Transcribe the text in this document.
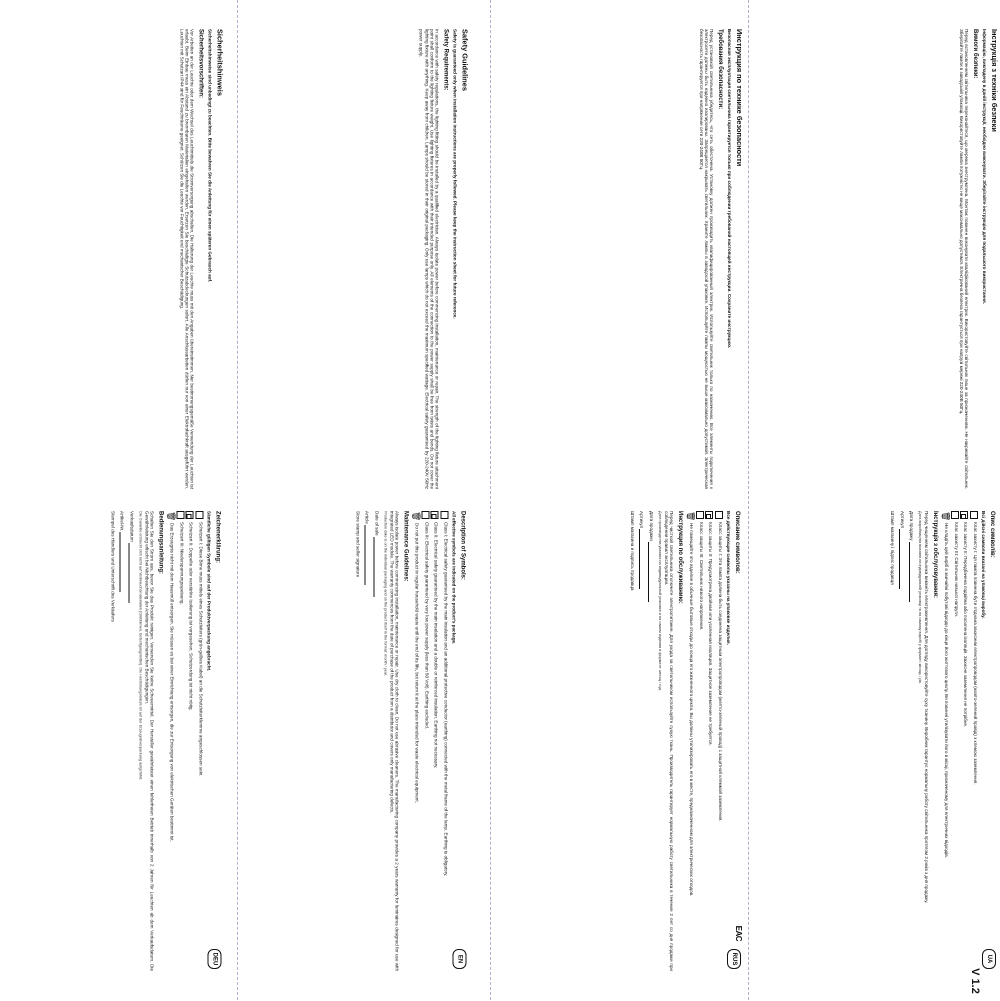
DEU
Sicherheitshinweis

Sicherheitshinweise sind unbedingt zu beachten. Bitte bewahren Sie die Anleitung für einen späteren Gebrauch auf.

Sicherheitsvorschriften:

Vor Arbeiten an der Leuchte oder dem Wechsel des Leuchtmittels die Stromversorgung abschalten. Die Halterung der Leuchte muss mit den Angaben übereinstimmen. Nur bestimmungsgemäße Verwendung der Leuchten ist erlaubt. Beim Einbau muss ein Abstand zu brennbaren Materialien eingehalten werden. Ersetzen Sie beschädigte Schutzabdeckungen sofort. Alle Anschlussarbeiten dürfen nur von einer Elektrofachkraft ausgeführt werden. Leuchten mit Schutzart IP44 sind für Feuchträume geeignet. Schützen Sie die Leuchte vor Feuchtigkeit und mechanischer Beschädigung.

Zeichenerklärung:

Sämtliche gültigen Symbole sind auf der Produktverpackung angebracht.

Schutzart I: Diese Birne muss mittels eines Schutzleiters (grün-gelbes Kabel) an die Schutzleiterklemme angeschlossen sein.
Schutzart II: Doppelte oder verstärkte Isolierung ist vorgesehen. Schutzerdung ist nicht nötig.
Schutzart III: Niederspannungsspeisung.
🗑
Das Erzeugnis nicht mit dem Hausmüll entsorgen. Sie müssen es bei einer Einrichtung entsorgen, die zur Entsorgung von elektrischen Geräten bestimmt ist.
Bedienungsanleitung:

Schalten Sie den Strom aus, bevor Sie das Produkt reinigen. Verwenden Sie keine Scheuermittel. Der Hersteller gewährleistet einen fehlerfreien Betrieb innerhalb von 2 Jahren für Leuchten ab dem Verkaufsdatum. Die Gewährleistung erlischt bei Nichtbeachtung der Anleitung und mechanischen Beschädigungen.

Die Garantie erstreckt sich nicht auf Verbrauchsmaterialien (Glühbirnen, Befestigungsmittel). Die Herstellungsdatum ist auf der Erzeugnisverpackung aufgeführt.

Verkaufsdatum

Artikel-Nr.

Stempel des Händlers und Unterschrift des Verkäufers

EN
Safety Guidelines

Safety is guaranteed only when installation instructions are properly followed. Please keep the instruction sheet for future reference.

Safety Requirements:

In accordance with safety regulations, the lighting fitting should be installed by a qualified electrician. Always isolate power before commencing installation, maintenance or repair. The strength of the lighting fixture attachment point shall conform to the lighting fixture weight. Use lighting fixtures in accordance with their intended purpose only. All elements of the connection to the power supply shall be free from twists and bends. Do not cover the lighting fixture with anything. Keep away from children. Lamps should be stored in their original packaging. Only use lamps which do not exceed the maximum specified wattage. Electrical safety guaranteed by 220-240V 50Hz power supply.

Description of Symbols:

All effective symbols are indicated on the product's package.

Class I: Electrical safety guaranteed by the main insulation and an additional protective conductor (earthing) connected with the metal frame of the lamp. Earthing is obligatory.
Class II: Electrical safety guaranteed by the main insulation and a double or reinforced insulation. Earthing not necessary.
Class III: Electrical safety guaranteed by very low power supply (less than 50 Volt). Earthing excluded.
🗑
Do not put this product in regular household waste until the end of its life, but return it at the place intended for waste electrical equipment.
Maintenance Guidelines:

Always isolate power before commencing installation, maintenance or repair. Use dry cloth to clean. Do not use abrasive cleaners. The manufacturing company provides a 2 years warranty for luminaires designed for use with integrated LED module. The warranty commences from the date of purchase of the product from a distributor and covers only manufacturing defects.

Production date is on the individual packaging and on the product itself in the format: month / year.

Date of sale

Article

Store stamp and seller signature

RUS
EAC
Инструкция по технике безопасности

Безопасная эксплуатация светильника гарантируется только при соблюдении требований настоящей инструкции. Сохраните инструкцию.

Требования безопасности:

Перед установкой светильника убедитесь, что сеть обесточена. Установку должен производить квалифицированный электрик. Используйте светильник только по назначению. Все элементы подключения к электросети должны быть надежно изолированы. Запрещается накрывать светильник. Храните лампы в заводской упаковке. Используйте лампы мощностью не выше максимально допустимой. Электрическая безопасность гарантируется при напряжении сети 220-240В 50Гц.

Описание символов:

Все действующие символы указаны на упаковке изделия.

Класс защиты I: Эта лампа должна быть соединена защитным электропроводом (желто-зеленый провод) с защитной клеммой заземления.
Класс защиты II: Предусмотрена двойная или усиленная изоляция. Защитное заземление не требуется.
Класс защиты III: Светильник низкого напряжения.
🗑
Не помещайте это изделие в обычные бытовые отходы до конца его жизненного цикла. Вы должны утилизировать его в месте, предназначенном для электрических отходов.
Инструкция по обслуживанию:

Перед чисткой светильника отключите электропитание. Для ухода за светильником используйте сухую ткань. Производитель гарантирует нормальную работу светильника в течение 2 лет со дня продажи при соблюдении правил эксплуатации.

Дата производства указана на индивидуальной упаковке и на самом изделии в формате: месяц / год.

Дата продажи

Артикул

Штамп магазина и подпись продавца

UA
Інструкція з техніки безпеки

Інформацію, викладену в даній інструкції, необхідно виконувати. Зберігайте інструкцію для подальшого використання.

Вимоги безпеки:

Перед встановленням світильника переконайтеся, що мережа знеструмлена. Монтаж повинен виконувати кваліфікований електрик. Використовуйте світильник лише за призначенням. Не накривайте світильник. Зберігайте лампи в заводській упаковці. Використовуйте лампи потужністю не вище максимально допустимої. Електрична безпека гарантується при напрузі мережі 220-240В 50Гц.

Опис символів:

Всі дійсні символи вказані на упаковці виробу.

Клас захисту I: Ця лампа повинна бути з'єднана захисним електропроводом (жовто-зелений провід) з клемою заземлення.
Клас захисту II: Передбачена подвійна або посилена ізоляція. Захисне заземлення не потрібне.
Клас захисту III: Світильник низької напруги.
🗑
Не кладіть цей виріб в звичайні побутові відходи до кінця його життєвого циклу. Ви повинні утилізувати його в місці, призначеному для електричних відходів.
Інструкція з обслуговування:

Перед чищенням світильника вимкніть електроживлення. Для догляду використовуйте суху тканину. Виробник гарантує нормальну роботу світильника протягом 2 років з дня продажу.

Дата виробництва вказана на індивідуальній упаковці та на самому виробі у форматі: місяць / рік.

Дата продажу

Артикул

Штамп магазину і підпис продавця

V 1.2
